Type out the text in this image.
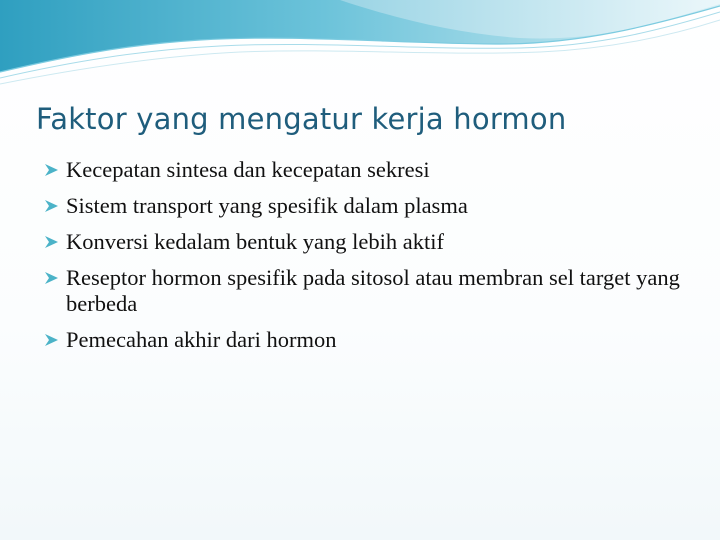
Faktor yang mengatur kerja hormon
Kecepatan sintesa dan kecepatan sekresi
Sistem transport yang spesifik dalam plasma
Konversi kedalam bentuk yang lebih aktif
Reseptor hormon spesifik pada sitosol atau membran sel target yang berbeda
Pemecahan akhir dari hormon
